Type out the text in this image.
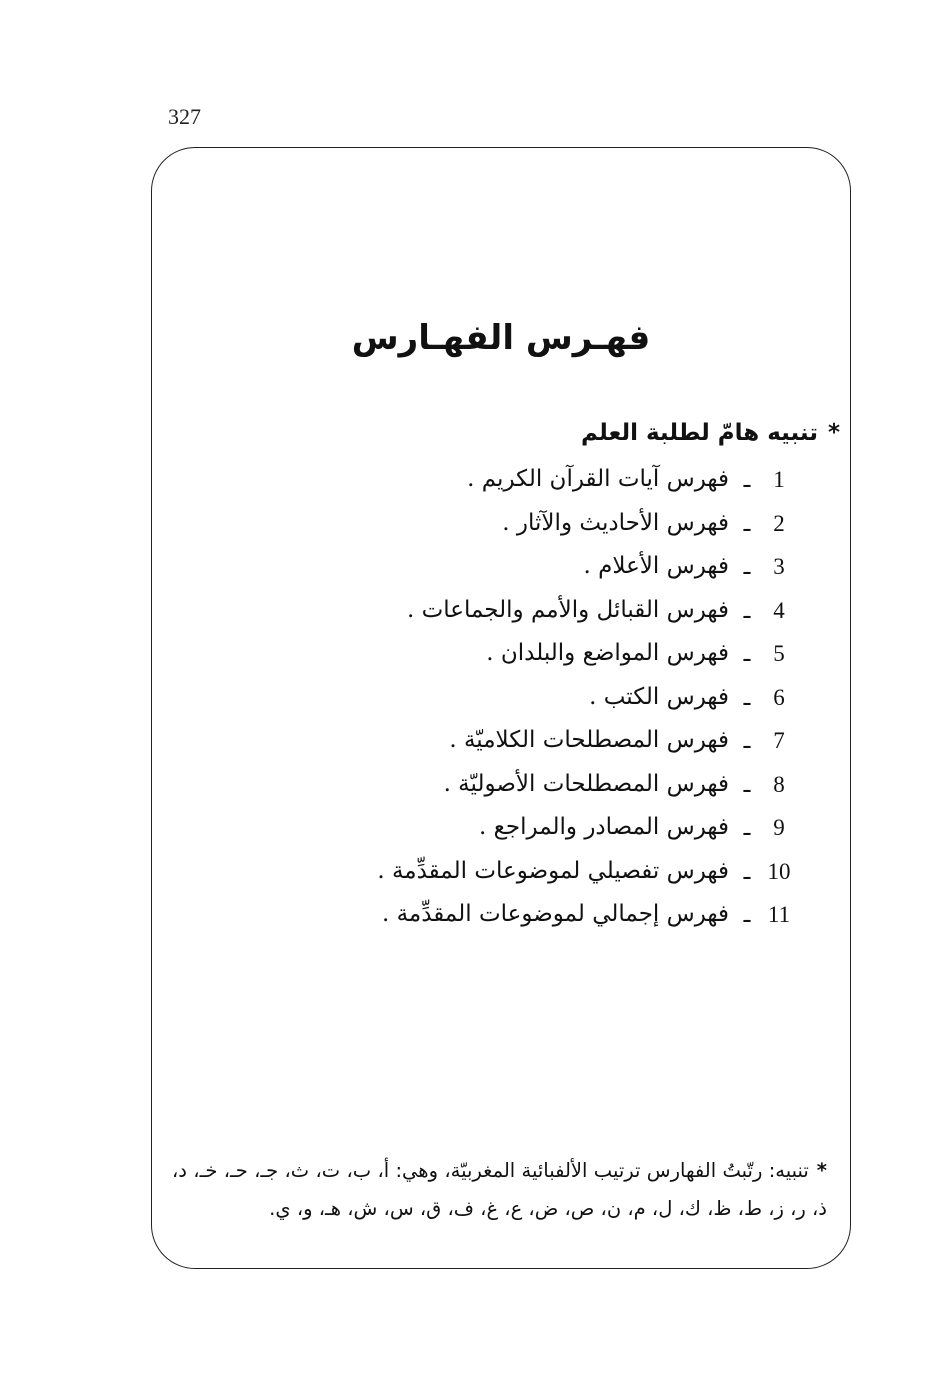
327
فهـرس الفهـارس
*تنبيه هامّ لطلبة العلم
1
ـ
فهرس آيات القرآن الكريم .
2
ـ
فهرس الأحاديث والآثار .
3
ـ
فهرس الأعلام .
4
ـ
فهرس القبائل والأمم والجماعات .
5
ـ
فهرس المواضع والبلدان .
6
ـ
فهرس الكتب .
7
ـ
فهرس المصطلحات الكلاميّة .
8
ـ
فهرس المصطلحات الأصوليّة .
9
ـ
فهرس المصادر والمراجع .
10
ـ
فهرس تفصيلي لموضوعات المقدِّمة .
11
ـ
فهرس إجمالي لموضوعات المقدِّمة .
*تنبيه: رتّبتُ الفهارس ترتيب الألفبائية المغربيّة، وهي: أ، ب، ت، ث، جـ، حـ، خـ، د، ذ، ر، ز، ط، ظ، ك، ل، م، ن، ص، ض، ع، غ، ف، ق، س، ش، هـ، و، ي.
